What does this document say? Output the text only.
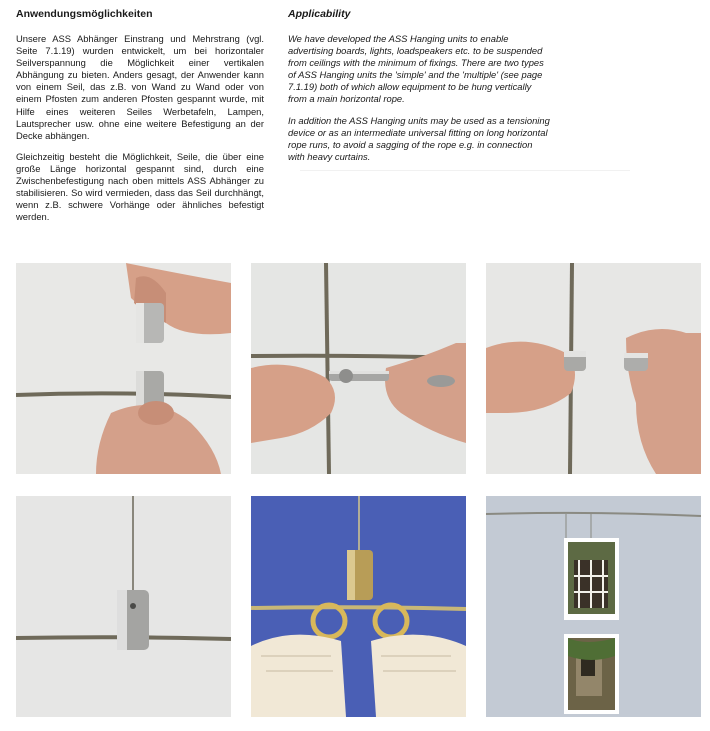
Anwendungsmöglichkeiten

Unsere ASS Abhänger Einstrang und Mehrstrang (vgl. Seite 7.1.19) wurden entwickelt, um bei horizontaler Seilverspannung die Möglichkeit einer vertikalen Abhängung zu bieten. Anders gesagt, der Anwender kann von einem Seil, das z.B. von Wand zu Wand oder von einem Pfosten zum anderen Pfosten gespannt wurde, mit Hilfe eines weiteren Seiles Werbetafeln, Lampen, Lautsprecher usw. ohne eine weitere Befestigung an der Decke abhängen.

Gleichzeitig besteht die Möglichkeit, Seile, die über eine große Länge horizontal gespannt sind, durch eine Zwischenbefestigung nach oben mittels ASS Abhänger zu stabilisieren. So wird vermieden, dass das Seil durchhängt, wenn z.B. schwere Vorhänge oder ähnliches befestigt werden.

Applicability

We have developed the ASS Hanging units to enable advertising boards, lights, loadspeakers etc. to be suspended from ceilings with the minimum of fixings. There are two types of ASS Hanging units the 'simple' and the 'multiple' (see page 7.1.19) both of which allow equipment to be hung vertically from a main horizontal rope.

In addition the ASS Hanging units may be used as a tensioning device or as an intermediate universal fitting on long horizontal rope runs, to avoid a sagging of the rope e.g. in connection with heavy curtains.
